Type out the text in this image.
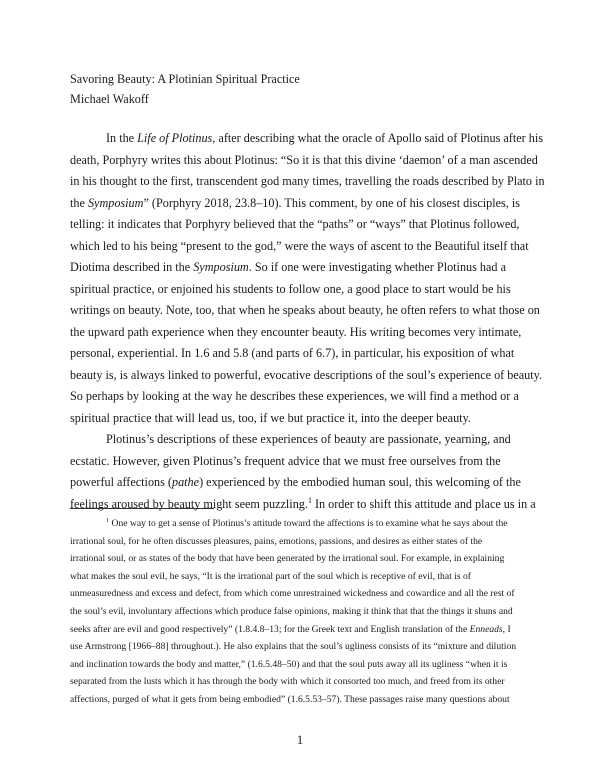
Savoring Beauty: A Plotinian Spiritual Practice
Michael Wakoff
In the Life of Plotinus, after describing what the oracle of Apollo said of Plotinus after his
death, Porphyry writes this about Plotinus: “So it is that this divine ‘daemon’ of a man ascended
in his thought to the first, transcendent god many times, travelling the roads described by Plato in
the Symposium” (Porphyry 2018, 23.8–10). This comment, by one of his closest disciples, is
telling: it indicates that Porphyry believed that the “paths” or “ways” that Plotinus followed,
which led to his being “present to the god,” were the ways of ascent to the Beautiful itself that
Diotima described in the Symposium. So if one were investigating whether Plotinus had a
spiritual practice, or enjoined his students to follow one, a good place to start would be his
writings on beauty. Note, too, that when he speaks about beauty, he often refers to what those on
the upward path experience when they encounter beauty. His writing becomes very intimate,
personal, experiential. In 1.6 and 5.8 (and parts of 6.7), in particular, his exposition of what
beauty is, is always linked to powerful, evocative descriptions of the soul’s experience of beauty.
So perhaps by looking at the way he describes these experiences, we will find a method or a
spiritual practice that will lead us, too, if we but practice it, into the deeper beauty.
Plotinus’s descriptions of these experiences of beauty are passionate, yearning, and
ecstatic. However, given Plotinus’s frequent advice that we must free ourselves from the
powerful affections (pathe) experienced by the embodied human soul, this welcoming of the
feelings aroused by beauty might seem puzzling.$^1$ In order to shift this attitude and place us in a
$^1$ One way to get a sense of Plotinus’s attitude toward the affections is to examine what he says about the
irrational soul, for he often discusses pleasures, pains, emotions, passions, and desires as either states of the
irrational soul, or as states of the body that have been generated by the irrational soul. For example, in explaining
what makes the soul evil, he says, “It is the irrational part of the soul which is receptive of evil, that is of
unmeasuredness and excess and defect, from which come unrestrained wickedness and cowardice and all the rest of
the soul’s evil, involuntary affections which produce false opinions, making it think that that the things it shuns and
seeks after are evil and good respectively” (1.8.4.8–13; for the Greek text and English translation of the Enneads, I
use Armstrong [1966–88] throughout.). He also explains that the soul’s ugliness consists of its “mixture and dilution
and inclination towards the body and matter,” (1.6.5.48–50) and that the soul puts away all its ugliness “when it is
separated from the lusts which it has through the body with which it consorted too much, and freed from its other
affections, purged of what it gets from being embodied” (1.6.5.53–57). These passages raise many questions about
1
